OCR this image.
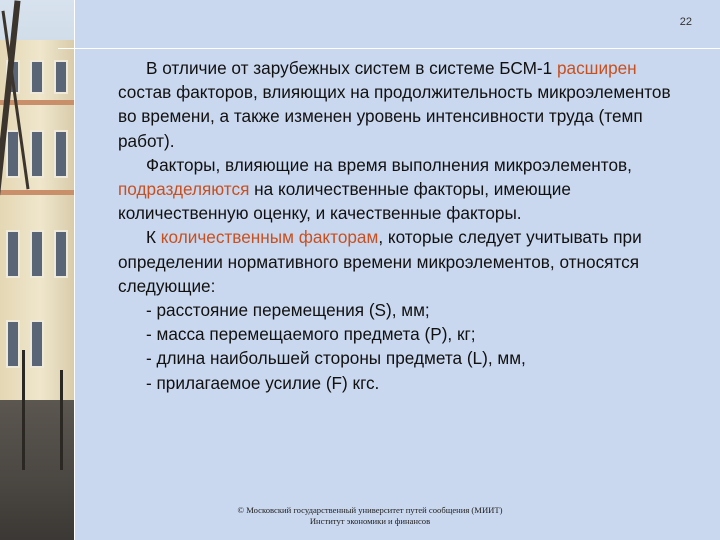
22

В отличие от зарубежных систем в системе БСМ-1 расширен состав факторов, влияющих на продолжительность микроэлементов во времени, а также изменен уровень интенсивности труда (темп работ).

Факторы, влияющие на время выполнения микроэлементов, подразделяются на количественные факторы, имеющие количественную оценку, и качественные факторы.

К количественным факторам, которые следует учитывать при определении нормативного времени микроэлементов, относятся следующие:

- расстояние перемещения (S), мм;

- масса перемещаемого предмета (P), кг;

- длина наибольшей стороны предмета (L), мм,

- прилагаемое усилие (F) кгс.

© Московский государственный университет путей сообщения (МИИТ)
Институт экономики и финансов
